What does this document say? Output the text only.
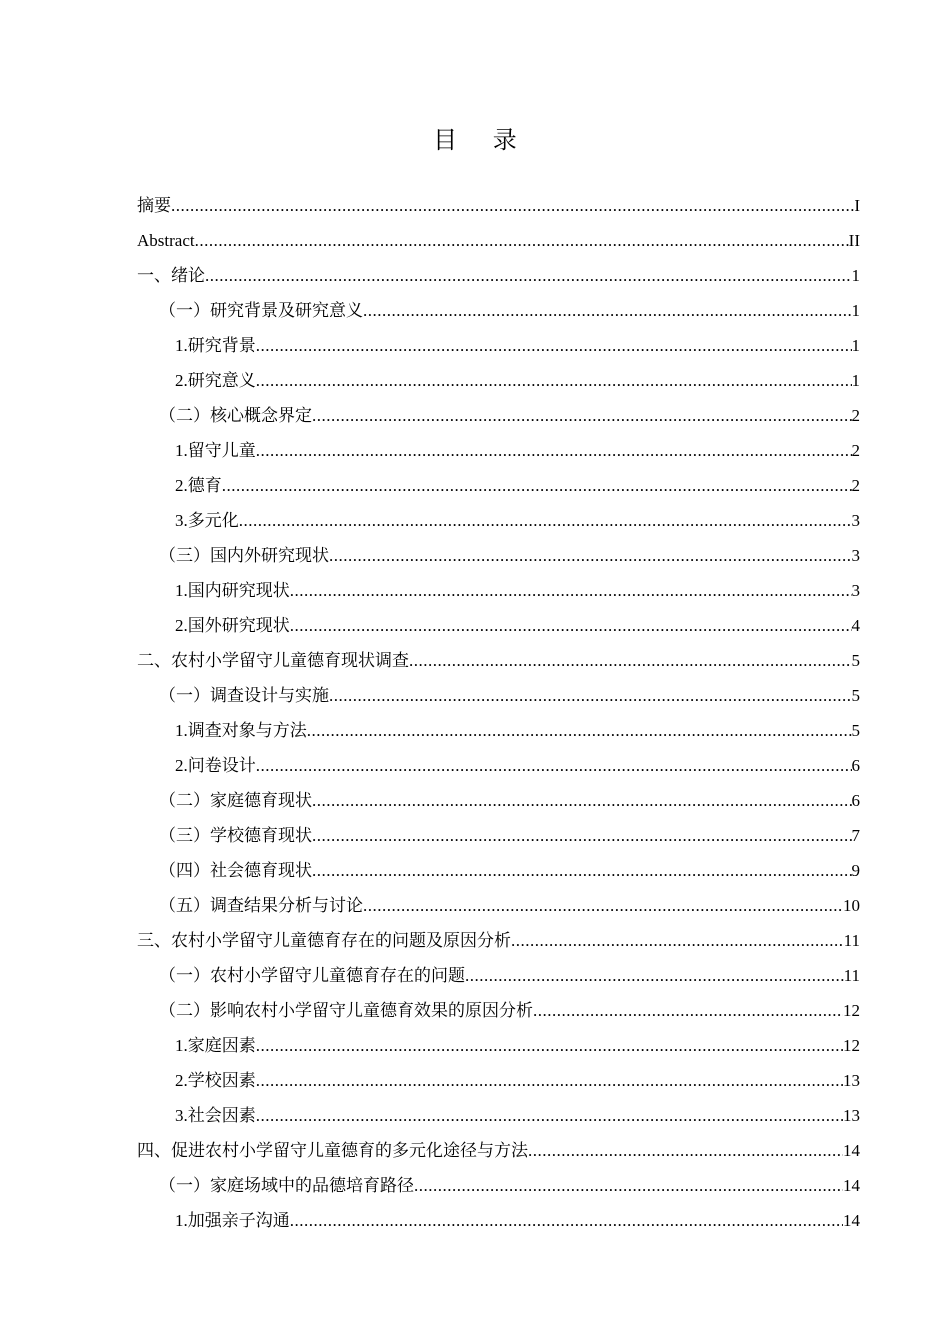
目 录
摘要 .....	I
Abstract .....	II
一、绪论 .....	1
（一）研究背景及研究意义 .....	1
1.研究背景 .....	1
2.研究意义 .....	1
（二）核心概念界定 .....	2
1.留守儿童 .....	2
2.德育 .....	2
3.多元化 .....	3
（三）国内外研究现状 .....	3
1.国内研究现状 .....	3
2.国外研究现状 .....	4
二、农村小学留守儿童德育现状调查 .....	5
（一）调查设计与实施 .....	5
1.调查对象与方法 .....	5
2.问卷设计 .....	6
（二）家庭德育现状 .....	6
（三）学校德育现状 .....	7
（四）社会德育现状 .....	9
（五）调查结果分析与讨论 .....	10
三、农村小学留守儿童德育存在的问题及原因分析 .....	11
（一）农村小学留守儿童德育存在的问题 .....	11
（二）影响农村小学留守儿童德育效果的原因分析 .....	12
1.家庭因素 .....	12
2.学校因素 .....	13
3.社会因素 .....	13
四、促进农村小学留守儿童德育的多元化途径与方法 .....	14
（一）家庭场域中的品德培育路径 .....	14
1.加强亲子沟通 .....	14
